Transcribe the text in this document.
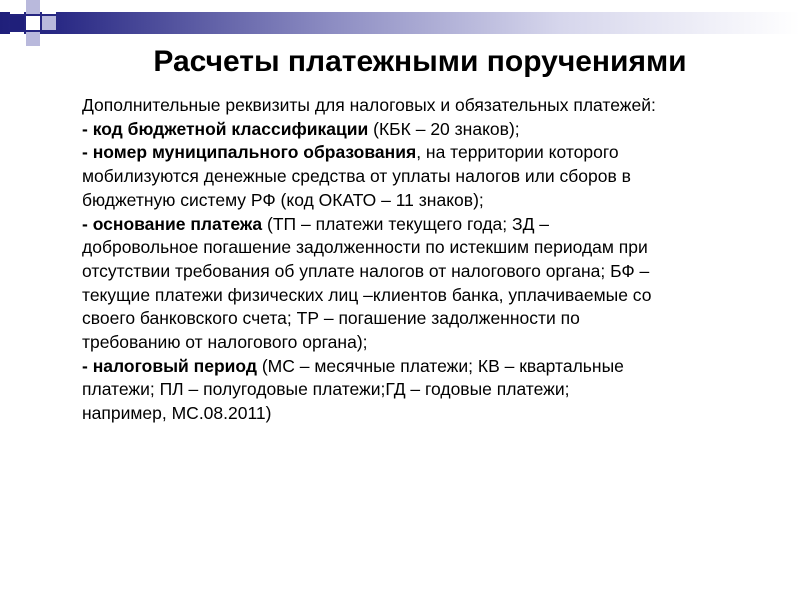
Расчеты платежными поручениями
Дополнительные реквизиты для налоговых и обязательных платежей:
- код бюджетной классификации (КБК – 20 знаков);
- номер муниципального образования, на территории которого
мобилизуются денежные средства от уплаты налогов или сборов в
бюджетную систему РФ (код ОКАТО – 11 знаков);
- основание платежа (ТП – платежи текущего года; ЗД –
добровольное погашение задолженности по истекшим периодам при
отсутствии требования об уплате налогов от налогового органа; БФ –
текущие платежи физических лиц –клиентов банка, уплачиваемые со
своего банковского счета; ТР – погашение задолженности по
требованию от налогового органа);
- налоговый период (МС – месячные платежи; КВ – квартальные
платежи; ПЛ – полугодовые платежи;ГД – годовые платежи;
например, МС.08.2011)
